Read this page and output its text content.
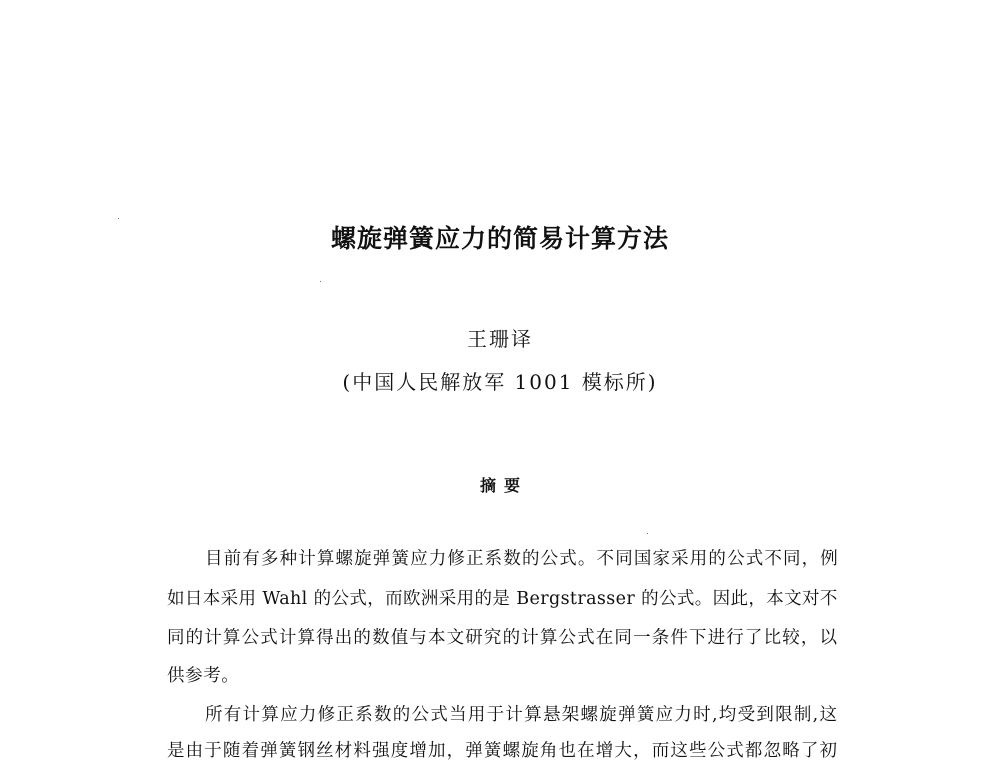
螺旋弹簧应力的简易计算方法
王珊译
(中国人民解放军 1001 模标所)
摘要
目前有多种计算螺旋弹簧应力修正系数的公式。不同国家采用的公式不同，例
如日本采用 Wahl 的公式，而欧洲采用的是 Bergstrasser 的公式。因此，本文对不
同的计算公式计算得出的数值与本文研究的计算公式在同一条件下进行了比较，以
供参考。
所有计算应力修正系数的公式当用于计算悬架螺旋弹簧应力时,均受到限制,这
是由于随着弹簧钢丝材料强度增加，弹簧螺旋角也在增大，而这些公式都忽略了初
